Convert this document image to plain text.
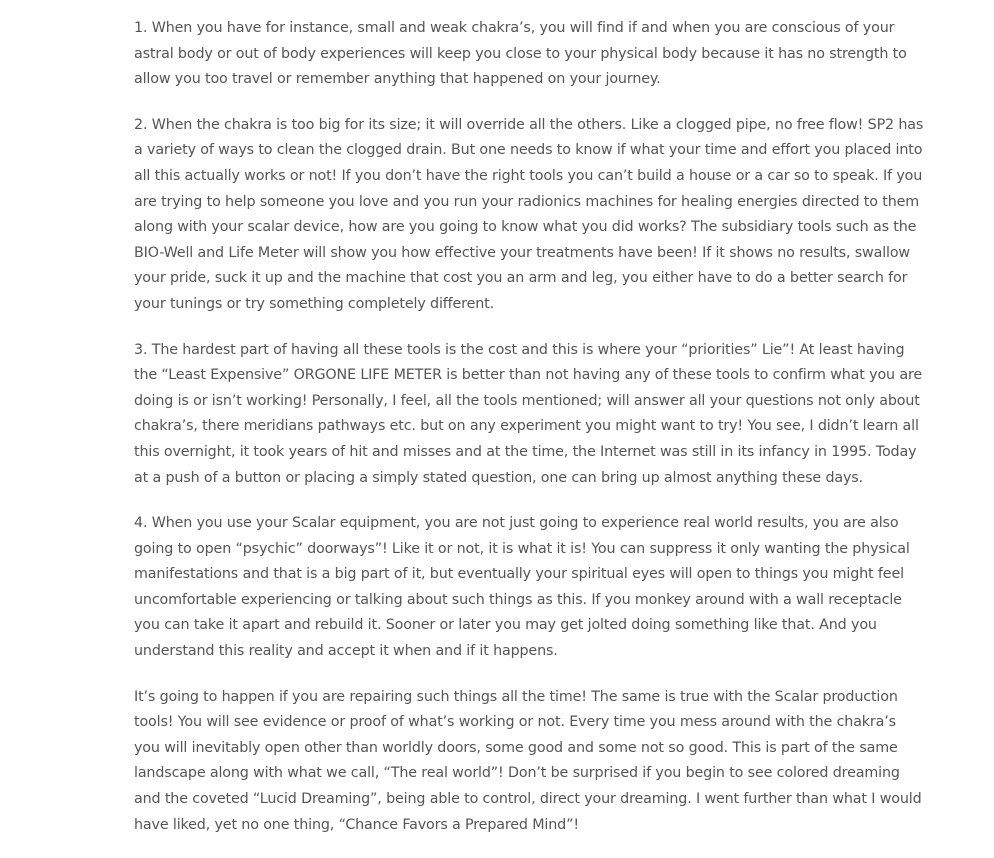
1. When you have for instance, small and weak chakra’s, you will find if and when you are conscious of your astral body or out of body experiences will keep you close to your physical body because it has no strength to allow you too travel or remember anything that happened on your journey.

2. When the chakra is too big for its size; it will override all the others. Like a clogged pipe, no free flow! SP2 has a variety of ways to clean the clogged drain. But one needs to know if what your time and effort you placed into all this actually works or not! If you don’t have the right tools you can’t build a house or a car so to speak. If you are trying to help someone you love and you run your radionics machines for healing energies directed to them along with your scalar device, how are you going to know what you did works? The subsidiary tools such as the BIO-Well and Life Meter will show you how effective your treatments have been! If it shows no results, swallow your pride, suck it up and the machine that cost you an arm and leg, you either have to do a better search for your tunings or try something completely different.

3. The hardest part of having all these tools is the cost and this is where your “priorities” Lie”! At least having the “Least Expensive” ORGONE LIFE METER is better than not having any of these tools to confirm what you are doing is or isn’t working! Personally, I feel, all the tools mentioned; will answer all your questions not only about chakra’s, there meridians pathways etc. but on any experiment you might want to try! You see, I didn’t learn all this overnight, it took years of hit and misses and at the time, the Internet was still in its infancy in 1995. Today at a push of a button or placing a simply stated question, one can bring up almost anything these days.

4. When you use your Scalar equipment, you are not just going to experience real world results, you are also going to open “psychic” doorways”! Like it or not, it is what it is! You can suppress it only wanting the physical manifestations and that is a big part of it, but eventually your spiritual eyes will open to things you might feel uncomfortable experiencing or talking about such things as this. If you monkey around with a wall receptacle you can take it apart and rebuild it. Sooner or later you may get jolted doing something like that. And you understand this reality and accept it when and if it happens.

It’s going to happen if you are repairing such things all the time! The same is true with the Scalar production tools! You will see evidence or proof of what’s working or not. Every time you mess around with the chakra’s you will inevitably open other than worldly doors, some good and some not so good. This is part of the same landscape along with what we call, “The real world”! Don’t be surprised if you begin to see colored dreaming and the coveted “Lucid Dreaming”, being able to control, direct your dreaming. I went further than what I would have liked, yet no one thing, “Chance Favors a Prepared Mind”!
